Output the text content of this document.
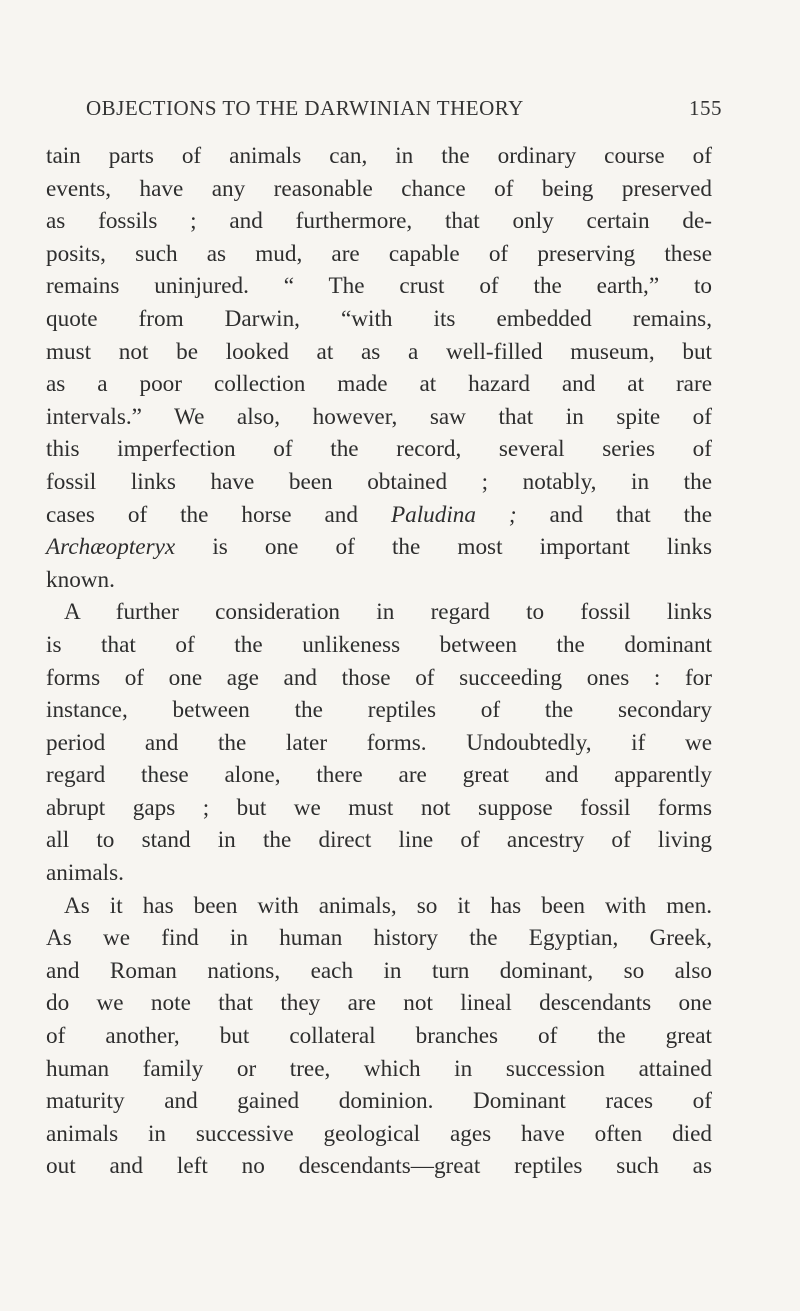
OBJECTIONS TO THE DARWINIAN THEORY	155

tain parts of animals can, in the ordinary course of
events, have any reasonable chance of being preserved
as fossils ; and furthermore, that only certain de-
posits, such as mud, are capable of preserving these
remains uninjured. “ The crust of the earth,” to
quote from Darwin, “with its embedded remains,
must not be looked at as a well-filled museum, but
as a poor collection made at hazard and at rare
intervals.” We also, however, saw that in spite of
this imperfection of the record, several series of
fossil links have been obtained ; notably, in the
cases of the horse and Paludina ; and that the
Archæopteryx is one of the most important links
known.

A further consideration in regard to fossil links
is that of the unlikeness between the dominant
forms of one age and those of succeeding ones : for
instance, between the reptiles of the secondary
period and the later forms. Undoubtedly, if we
regard these alone, there are great and apparently
abrupt gaps ; but we must not suppose fossil forms
all to stand in the direct line of ancestry of living
animals.

As it has been with animals, so it has been with men.
As we find in human history the Egyptian, Greek,
and Roman nations, each in turn dominant, so also
do we note that they are not lineal descendants one
of another, but collateral branches of the great
human family or tree, which in succession attained
maturity and gained dominion. Dominant races of
animals in successive geological ages have often died
out and left no descendants—great reptiles such as
